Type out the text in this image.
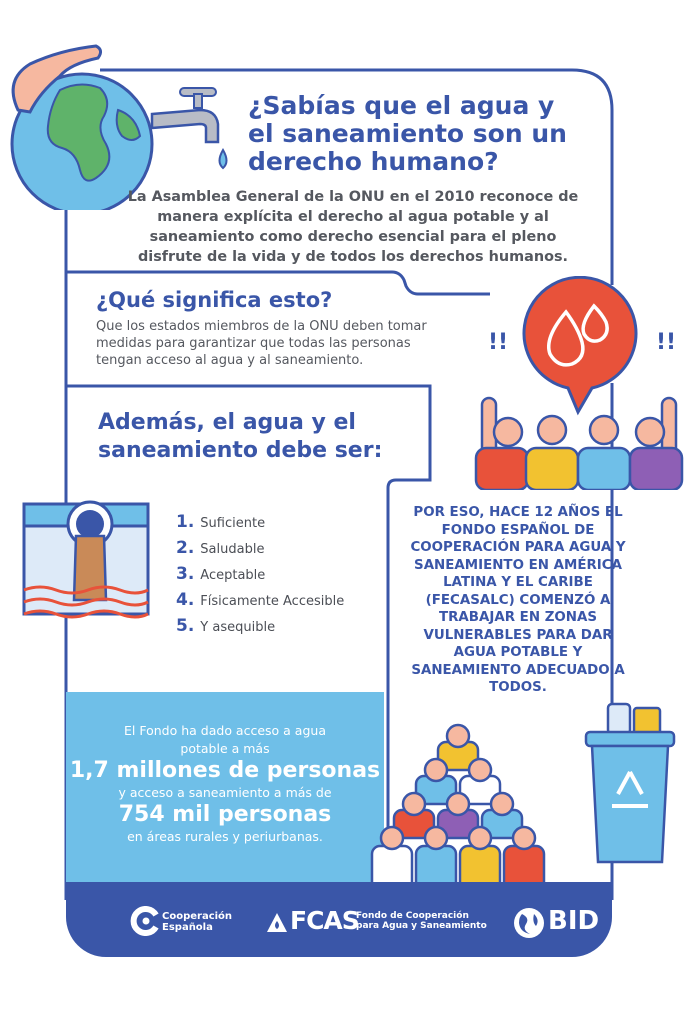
¿Sabías que el agua y el saneamiento son un derecho humano?
La Asamblea General de la ONU en el 2010 reconoce de manera explícita el derecho al agua potable y al saneamiento como derecho esencial para el pleno disfrute de la vida y de todos los derechos humanos.
¿Qué significa esto?
Que los estados miembros de la ONU deben tomar medidas para garantizar que todas las personas tengan acceso al agua y al saneamiento.
!!	!!
Además, el agua y el saneamiento debe ser:
1. Suficiente
2. Saludable
3. Aceptable
4. Físicamente Accesible
5. Y asequible
POR ESO, HACE 12 AÑOS EL FONDO ESPAÑOL DE COOPERACIÓN PARA AGUA Y SANEAMIENTO EN AMÉRICA LATINA Y EL CARIBE (FECASALC) COMENZÓ A TRABAJAR EN ZONAS VULNERABLES PARA DAR AGUA POTABLE Y SANEAMIENTO ADECUADO A TODOS.
El Fondo ha dado acceso a agua
potable a más
1,7 millones de personas
y acceso a saneamiento a más de
754 mil personas
en áreas rurales y periurbanas.
Cooperación
Española	FCAS
Fondo de Cooperación
para Agua y Saneamiento BID
